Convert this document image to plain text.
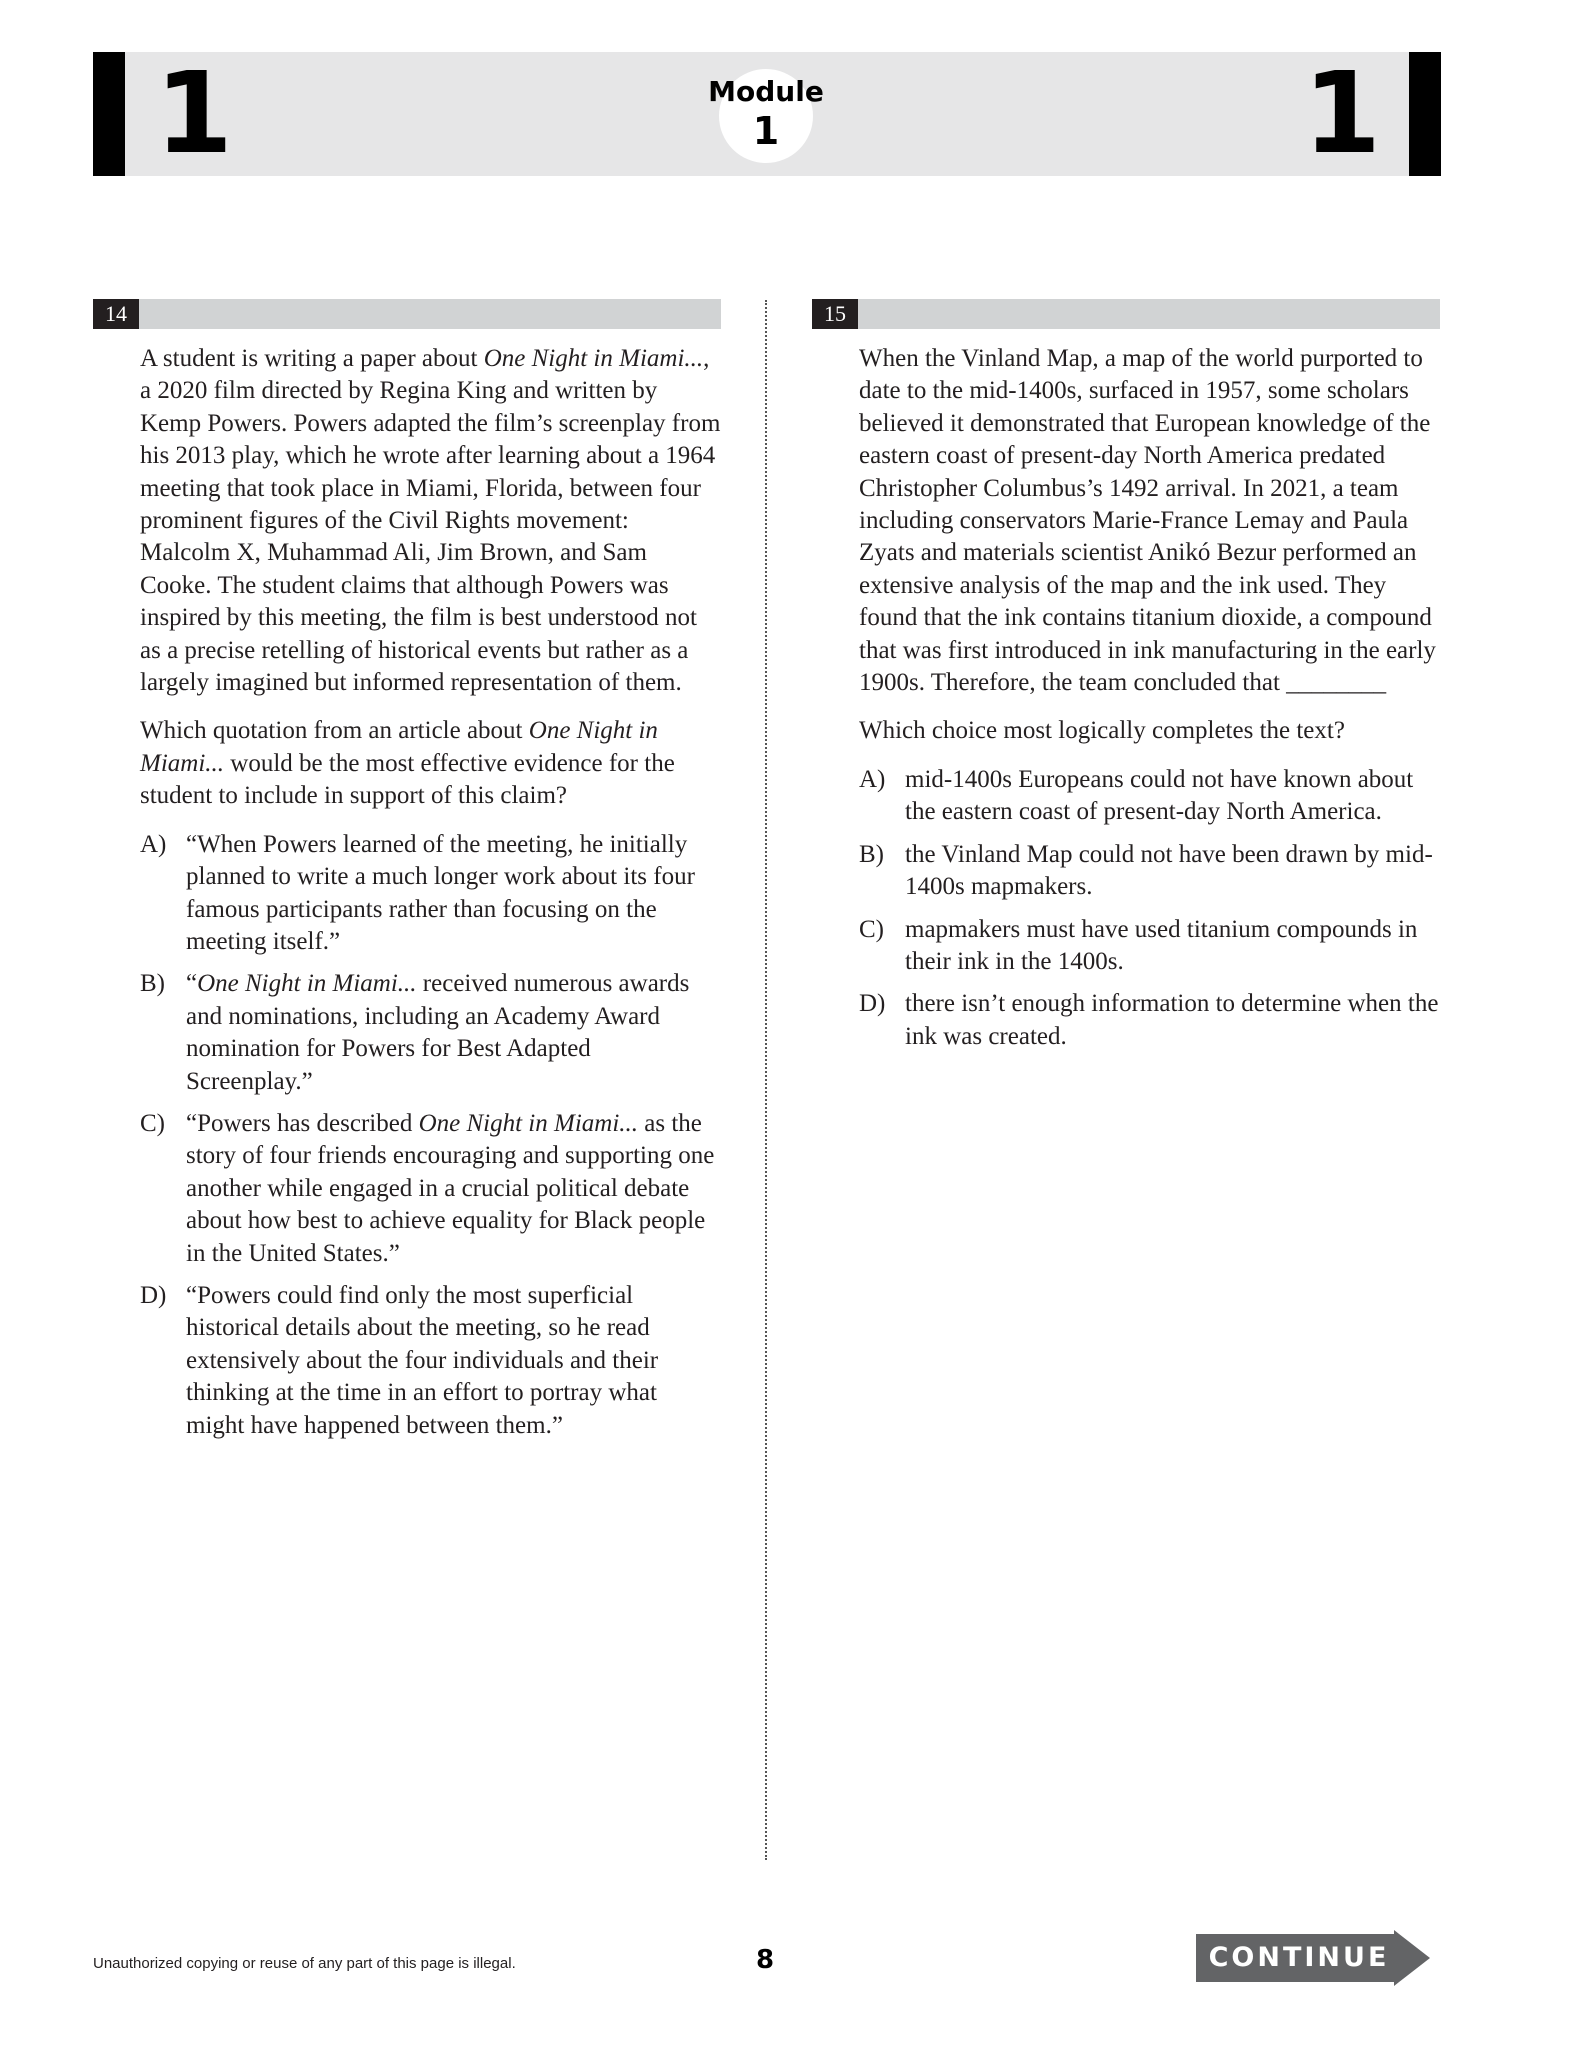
1	Module
1	1
14

A student is writing a paper about One Night in Miami..., a 2020 film directed by Regina King and written by Kemp Powers. Powers adapted the film’s screenplay from his 2013 play, which he wrote after learning about a 1964 meeting that took place in Miami, Florida, between four prominent figures of the Civil Rights movement: Malcolm X, Muhammad Ali, Jim Brown, and Sam Cooke. The student claims that although Powers was inspired by this meeting, the film is best understood not as a precise retelling of historical events but rather as a largely imagined but informed representation of them.

Which quotation from an article about One Night in Miami... would be the most effective evidence for the student to include in support of this claim?

A) “When Powers learned of the meeting, he initially planned to write a much longer work about its four famous participants rather than focusing on the meeting itself.”
B) “One Night in Miami... received numerous awards and nominations, including an Academy Award nomination for Powers for Best Adapted Screenplay.”
C) “Powers has described One Night in Miami... as the story of four friends encouraging and supporting one another while engaged in a crucial political debate about how best to achieve equality for Black people in the United States.”
D) “Powers could find only the most superficial historical details about the meeting, so he read extensively about the four individuals and their thinking at the time in an effort to portray what might have happened between them.”
15

When the Vinland Map, a map of the world purported to date to the mid-1400s, surfaced in 1957, some scholars believed it demonstrated that European knowledge of the eastern coast of present-day North America predated Christopher Columbus’s 1492 arrival. In 2021, a team including conservators Marie-France Lemay and Paula Zyats and materials scientist Anikó Bezur performed an extensive analysis of the map and the ink used. They found that the ink contains titanium dioxide, a compound that was first introduced in ink manufacturing in the early 1900s. Therefore, the team concluded that ________

Which choice most logically completes the text?

A) mid-1400s Europeans could not have known about the eastern coast of present-day North America.
B) the Vinland Map could not have been drawn by mid-1400s mapmakers.
C) mapmakers must have used titanium compounds in their ink in the 1400s.
D) there isn’t enough information to determine when the ink was created.
Unauthorized copying or reuse of any part of this page is illegal.	8	CONTINUE
